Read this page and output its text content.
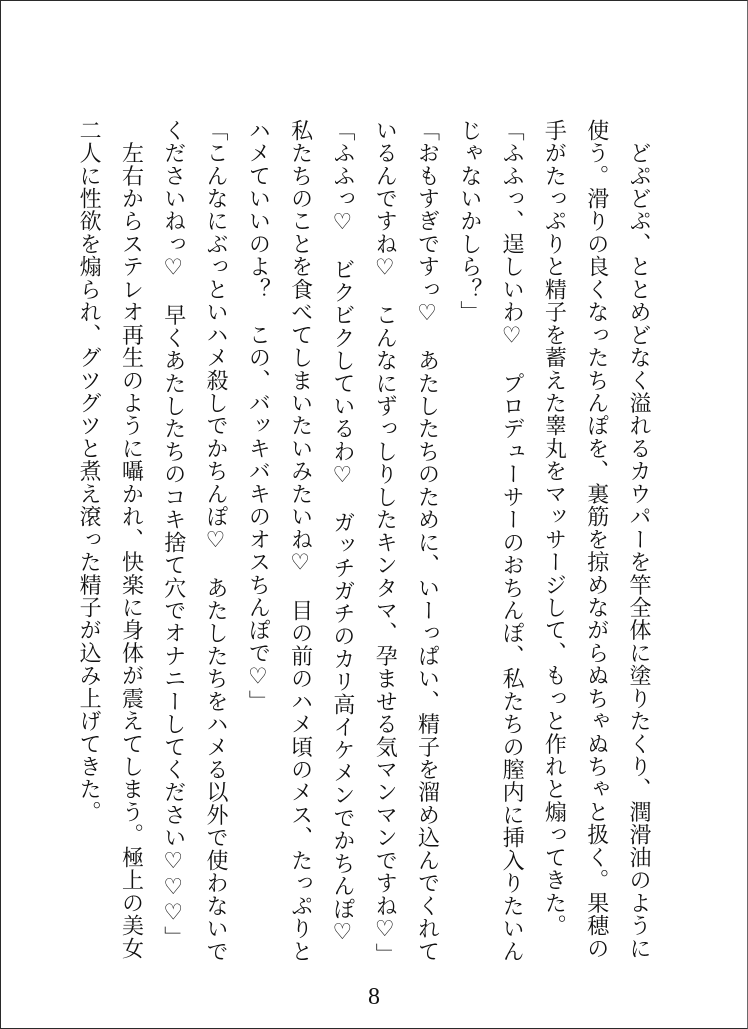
　どぷどぷ、ととめどなく溢れるカウパーを竿全体に塗りたくり、潤滑油のように

使う。滑りの良くなったちんぽを、裏筋を掠めながらぬちゃぬちゃと扱く。果穂の

手がたっぷりと精子を蓄えた睾丸をマッサージして、もっと作れと煽ってきた。

「ふふっ、逞しいわ♡　プロデューサーのおちんぽ、私たちの膣内に挿入りたいん

じゃないかしら？」

「おもすぎですっ♡　あたしたちのために、いーっぱい、精子を溜め込んでくれて

いるんですね♡　こんなにずっしりしたキンタマ、孕ませる気マンマンですね♡」

「ふふっ♡　ビクビクしているわ♡　ガッチガチのカリ高イケメンでかちんぽ♡

私たちのことを食べてしまいたいみたいね♡　目の前のハメ頃のメス、たっぷりと

ハメていいのよ？　この、バッキバキのオスちんぽで♡」

「こんなにぶっといハメ殺しでかちんぽ♡　あたしたちをハメる以外で使わないで

くださいねっ♡　早くあたしたちのコキ捨て穴でオナニーしてください♡♡♡」

　左右からステレオ再生のように囁かれ、快楽に身体が震えてしまう。極上の美女

二人に性欲を煽られ、グツグツと煮え滾った精子が込み上げてきた。

8
